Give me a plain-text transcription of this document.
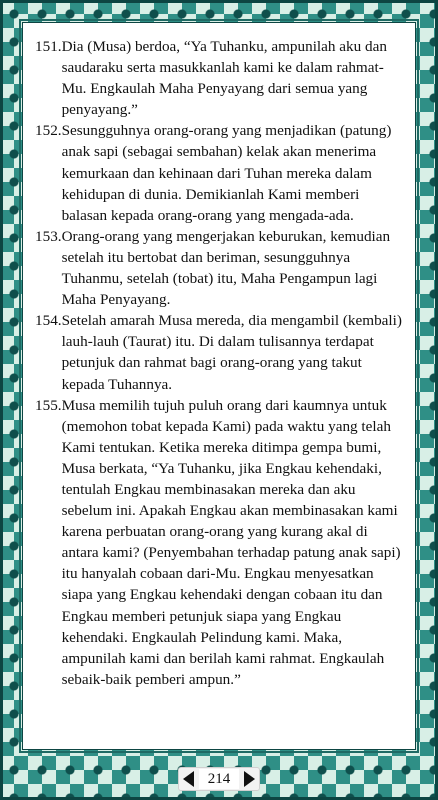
151. Dia (Musa) berdoa, “Ya Tuhanku, ampunilah aku dan saudaraku serta masukkanlah kami ke dalam rahmat-Mu. Engkaulah Maha Penyayang dari semua yang penyayang.”
152. Sesungguhnya orang-orang yang menjadikan (patung) anak sapi (sebagai sembahan) kelak akan menerima kemurkaan dan kehinaan dari Tuhan mereka dalam kehidupan di dunia. Demikianlah Kami memberi balasan kepada orang-orang yang mengada-ada.
153. Orang-orang yang mengerjakan keburukan, kemudian setelah itu bertobat dan beriman, sesungguhnya Tuhanmu, setelah (tobat) itu, Maha Pengampun lagi Maha Penyayang.
154. Setelah amarah Musa mereda, dia mengambil (kembali) lauh-lauh (Taurat) itu. Di dalam tulisannya terdapat petunjuk dan rahmat bagi orang-orang yang takut kepada Tuhannya.
155. Musa memilih tujuh puluh orang dari kaumnya untuk (memohon tobat kepada Kami) pada waktu yang telah Kami tentukan. Ketika mereka ditimpa gempa bumi, Musa berkata, “Ya Tuhanku, jika Engkau kehendaki, tentulah Engkau membinasakan mereka dan aku sebelum ini. Apakah Engkau akan membinasakan kami karena perbuatan orang-orang yang kurang akal di antara kami? (Penyembahan terhadap patung anak sapi) itu hanyalah cobaan dari-Mu. Engkau menyesatkan siapa yang Engkau kehendaki dengan cobaan itu dan Engkau memberi petunjuk siapa yang Engkau kehendaki. Engkaulah Pelindung kami. Maka, ampunilah kami dan berilah kami rahmat. Engkaulah sebaik-baik pemberi ampun.”
214
